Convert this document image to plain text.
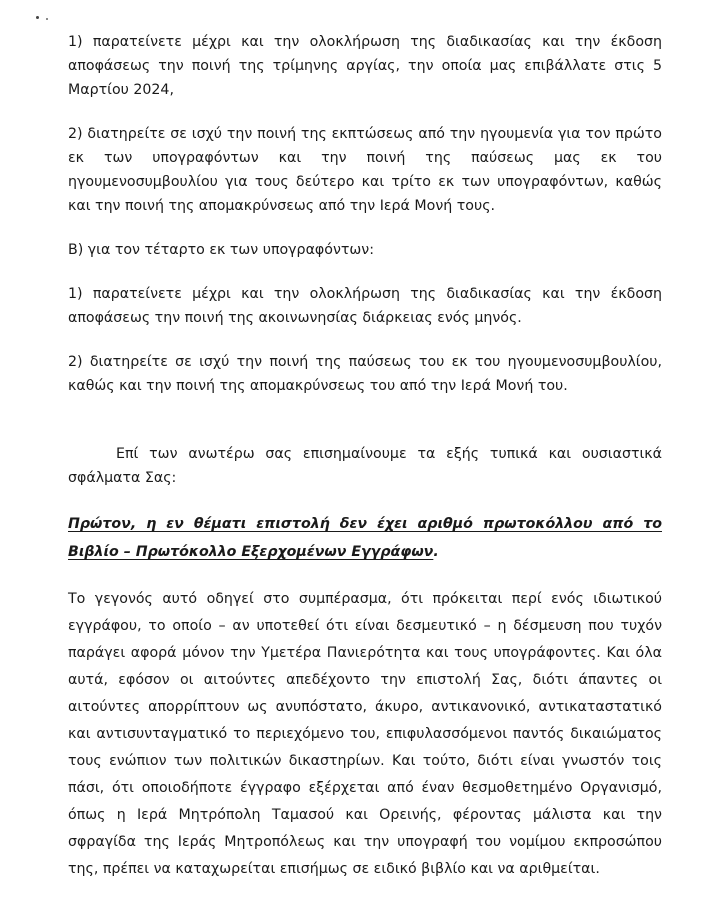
1) παρατείνετε μέχρι και την ολοκλήρωση της διαδικασίας και την έκδοση αποφάσεως την ποινή της τρίμηνης αργίας, την οποία μας επιβάλλατε στις 5 Μαρτίου 2024,

2) διατηρείτε σε ισχύ την ποινή της εκπτώσεως από την ηγουμενία για τον πρώτο εκ των υπογραφόντων και την ποινή της παύσεως μας εκ του ηγουμενοσυμβουλίου για τους δεύτερο και τρίτο εκ των υπογραφόντων, καθώς και την ποινή της απομακρύνσεως από την Ιερά Μονή τους.

Β) για τον τέταρτο εκ των υπογραφόντων:

1) παρατείνετε μέχρι και την ολοκλήρωση της διαδικασίας και την έκδοση αποφάσεως την ποινή της ακοινωνησίας διάρκειας ενός μηνός.

2) διατηρείτε σε ισχύ την ποινή της παύσεως του εκ του ηγουμενοσυμβουλίου, καθώς και την ποινή της απομακρύνσεως του από την Ιερά Μονή του.

Επί των ανωτέρω σας επισημαίνουμε τα εξής τυπικά και ουσιαστικά σφάλματα Σας:

Πρώτον, η εν θέματι επιστολή δεν έχει αριθμό πρωτοκόλλου από το Βιβλίο – Πρωτόκολλο Εξερχομένων Εγγράφων.

Το γεγονός αυτό οδηγεί στο συμπέρασμα, ότι πρόκειται περί ενός ιδιωτικού εγγράφου, το οποίο – αν υποτεθεί ότι είναι δεσμευτικό – η δέσμευση που τυχόν παράγει αφορά μόνον την Υμετέρα Πανιερότητα και τους υπογράφοντες. Και όλα αυτά, εφόσον οι αιτούντες απεδέχοντο την επιστολή Σας, διότι άπαντες οι αιτούντες απορρίπτουν ως ανυπόστατο, άκυρο, αντικανονικό, αντικαταστατικό και αντισυνταγματικό το περιεχόμενο του, επιφυλασσόμενοι παντός δικαιώματος τους ενώπιον των πολιτικών δικαστηρίων. Και τούτο, διότι είναι γνωστόν τοις πάσι, ότι οποιοδήποτε έγγραφο εξέρχεται από έναν θεσμοθετημένο Οργανισμό, όπως η Ιερά Μητρόπολη Ταμασού και Ορεινής, φέροντας μάλιστα και την σφραγίδα της Ιεράς Μητροπόλεως και την υπογραφή του νομίμου εκπροσώπου της, πρέπει να καταχωρείται επισήμως σε ειδικό βιβλίο και να αριθμείται.
